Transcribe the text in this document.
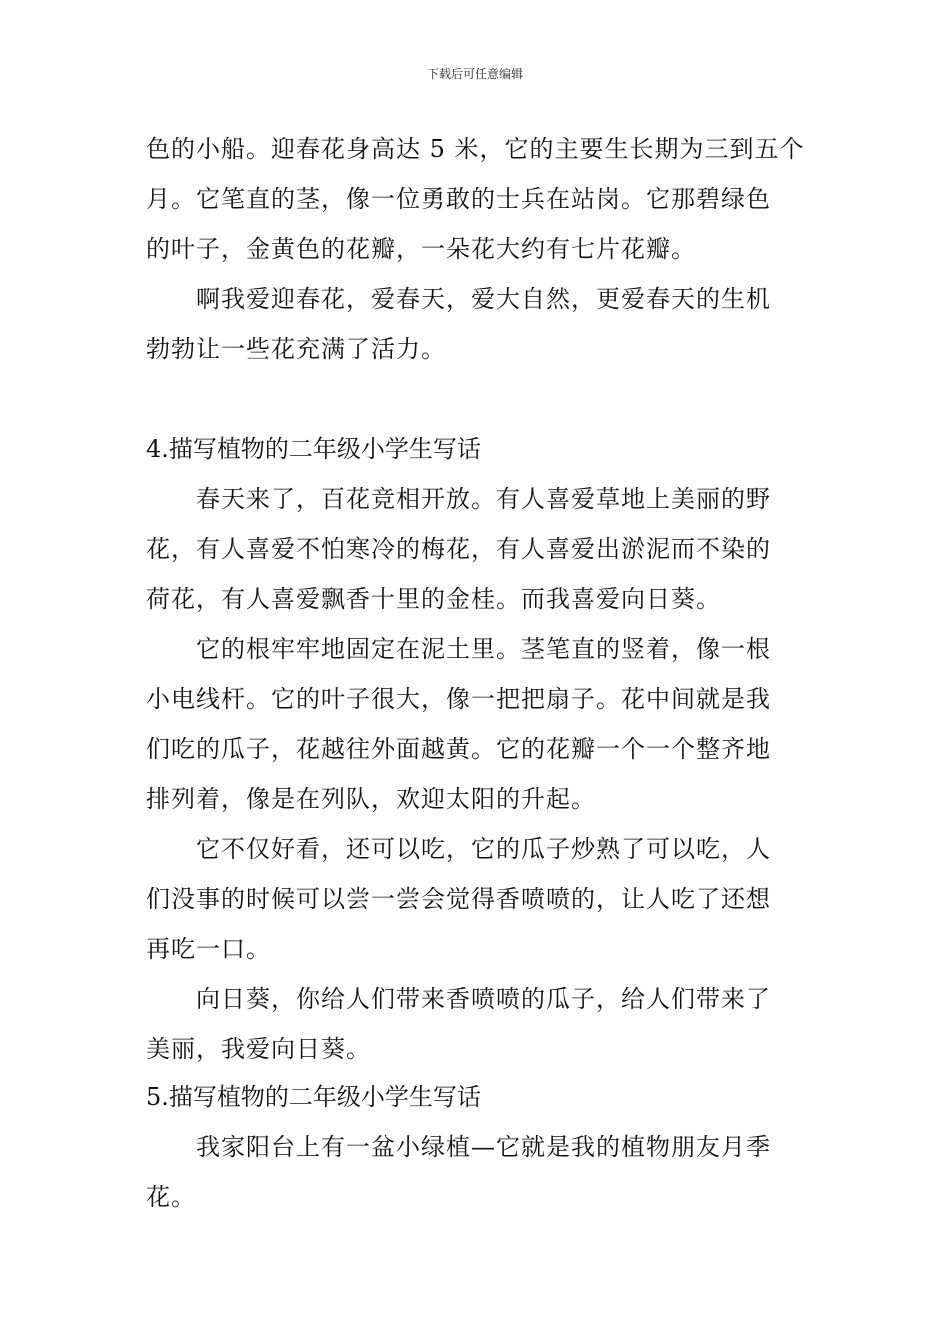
下载后可任意编辑
色的小船。迎春花身高达 5 米，它的主要生长期为三到五个
月。它笔直的茎，像一位勇敢的士兵在站岗。它那碧绿色
的叶子，金黄色的花瓣，一朵花大约有七片花瓣。
啊我爱迎春花，爱春天，爱大自然，更爱春天的生机
勃勃让一些花充满了活力。
4.描写植物的二年级小学生写话
春天来了，百花竞相开放。有人喜爱草地上美丽的野
花，有人喜爱不怕寒冷的梅花，有人喜爱出淤泥而不染的
荷花，有人喜爱飘香十里的金桂。而我喜爱向日葵。
它的根牢牢地固定在泥土里。茎笔直的竖着，像一根
小电线杆。它的叶子很大，像一把把扇子。花中间就是我
们吃的瓜子，花越往外面越黄。它的花瓣一个一个整齐地
排列着，像是在列队，欢迎太阳的升起。
它不仅好看，还可以吃，它的瓜子炒熟了可以吃，人
们没事的时候可以尝一尝会觉得香喷喷的，让人吃了还想
再吃一口。
向日葵，你给人们带来香喷喷的瓜子，给人们带来了
美丽，我爱向日葵。
5.描写植物的二年级小学生写话
我家阳台上有一盆小绿植—它就是我的植物朋友月季
花。
